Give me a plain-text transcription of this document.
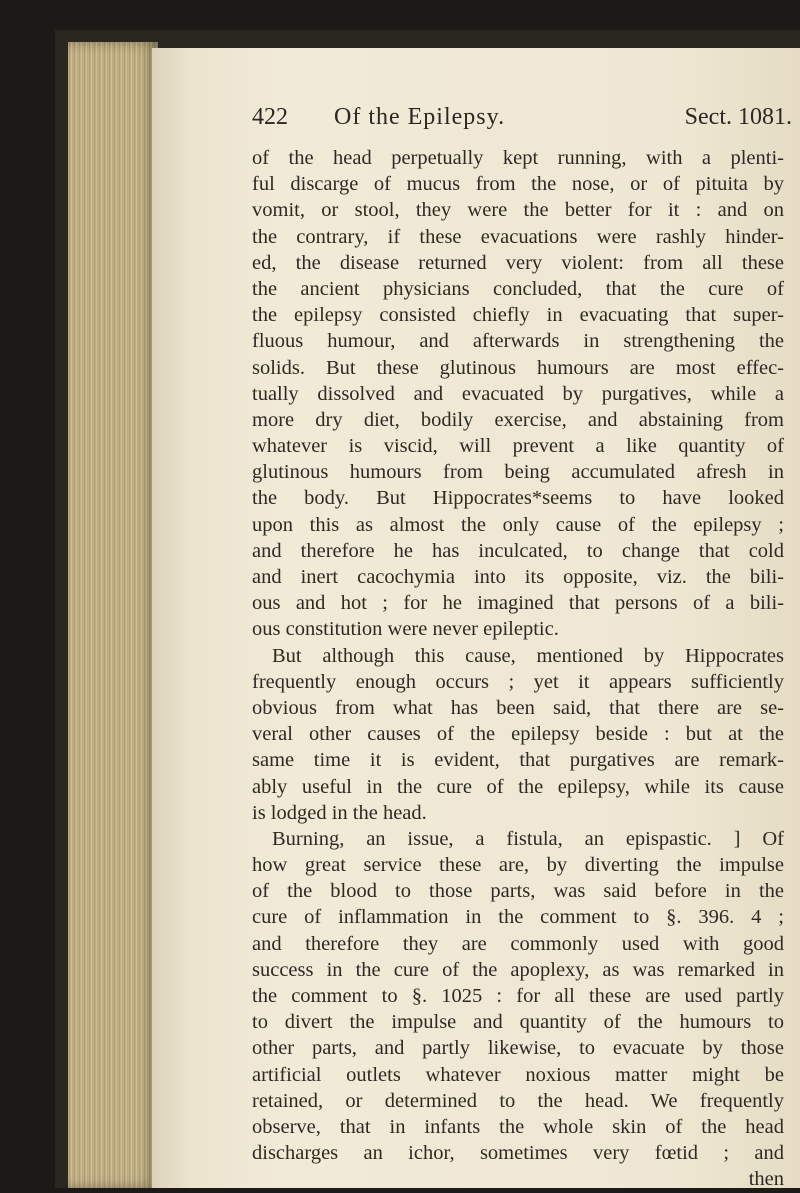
422 Of the Epilepsy.	Sect. 1081.
of the head perpetually kept running, with a plenti-
ful discarge of mucus from the nose, or of pituita by
vomit, or stool, they were the better for it : and on
the contrary, if these evacuations were rashly hinder-
ed, the disease returned very violent: from all these
the ancient physicians concluded, that the cure of
the epilepsy consisted chiefly in evacuating that super-
fluous humour, and afterwards in strengthening the
solids. But these glutinous humours are most effec-
tually dissolved and evacuated by purgatives, while a
more dry diet, bodily exercise, and abstaining from
whatever is viscid, will prevent a like quantity of
glutinous humours from being accumulated afresh in
the body. But Hippocrates*seems to have looked
upon this as almost the only cause of the epilepsy ;
and therefore he has inculcated, to change that cold
and inert cacochymia into its opposite, viz. the bili-
ous and hot ; for he imagined that persons of a bili-
ous constitution were never epileptic.
But although this cause, mentioned by Hippocrates
frequently enough occurs ; yet it appears sufficiently
obvious from what has been said, that there are se-
veral other causes of the epilepsy beside : but at the
same time it is evident, that purgatives are remark-
ably useful in the cure of the epilepsy, while its cause
is lodged in the head.
Burning, an issue, a fistula, an epispastic. ] Of
how great service these are, by diverting the impulse
of the blood to those parts, was said before in the
cure of inflammation in the comment to §. 396. 4 ;
and therefore they are commonly used with good
success in the cure of the apoplexy, as was remarked in
the comment to §. 1025 : for all these are used partly
to divert the impulse and quantity of the humours to
other parts, and partly likewise, to evacuate by those
artificial outlets whatever noxious matter might be
retained, or determined to the head. We frequently
observe, that in infants the whole skin of the head
discharges an ichor, sometimes very fœtid ; and
then
